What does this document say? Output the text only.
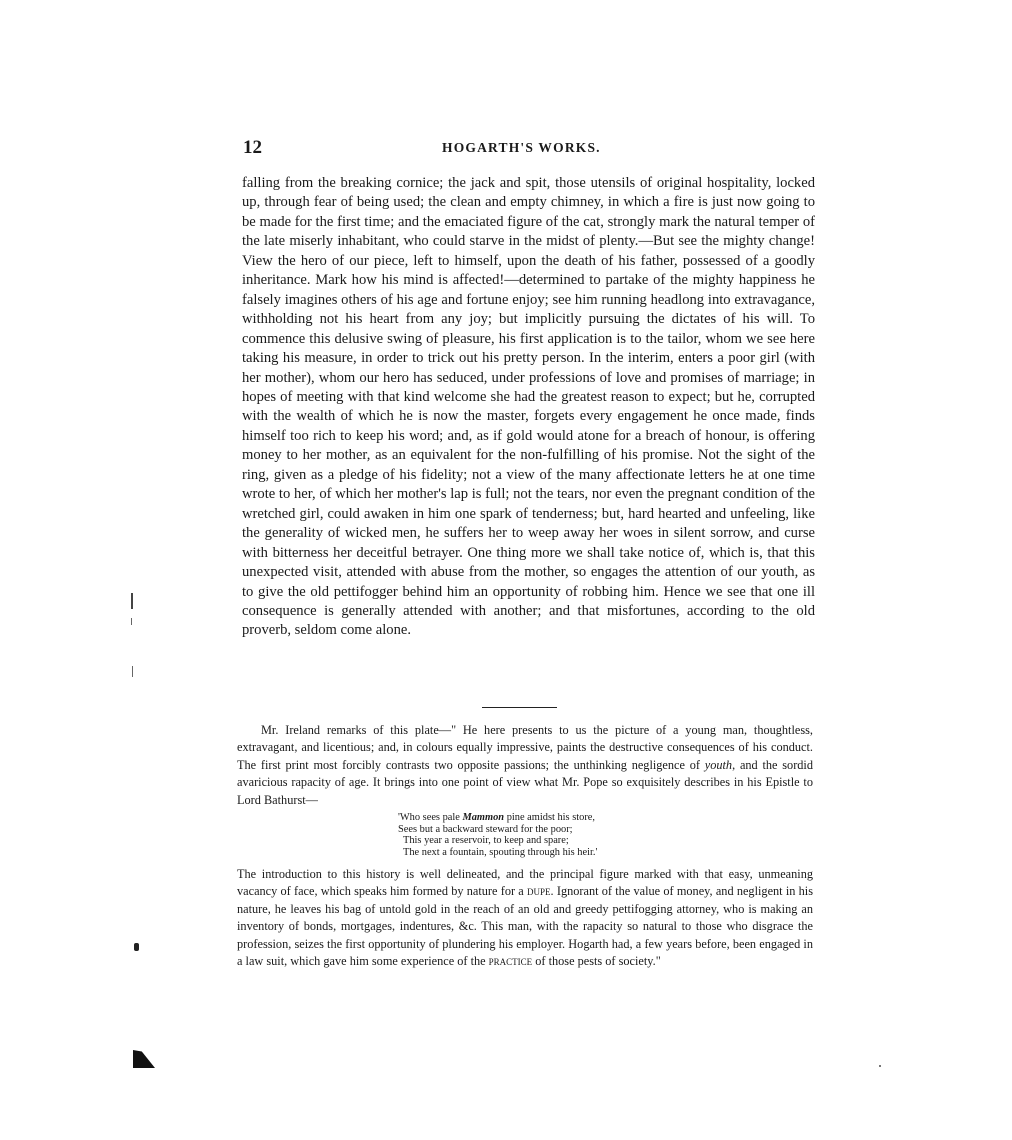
12	HOGARTH'S WORKS.

falling from the breaking cornice; the jack and spit, those utensils of original hospitality, locked up, through fear of being used; the clean and empty chimney, in which a fire is just now going to be made for the first time; and the emaciated figure of the cat, strongly mark the natural temper of the late miserly inhabitant, who could starve in the midst of plenty.—But see the mighty change! View the hero of our piece, left to himself, upon the death of his father, possessed of a goodly inheritance. Mark how his mind is affected!—determined to partake of the mighty happiness he falsely imagines others of his age and fortune enjoy; see him running headlong into extravagance, withholding not his heart from any joy; but implicitly pursuing the dictates of his will. To commence this delusive swing of pleasure, his first application is to the tailor, whom we see here taking his measure, in order to trick out his pretty person. In the interim, enters a poor girl (with her mother), whom our hero has seduced, under professions of love and promises of marriage; in hopes of meeting with that kind welcome she had the greatest reason to expect; but he, corrupted with the wealth of which he is now the master, forgets every engagement he once made, finds himself too rich to keep his word; and, as if gold would atone for a breach of honour, is offering money to her mother, as an equivalent for the non-fulfilling of his promise. Not the sight of the ring, given as a pledge of his fidelity; not a view of the many affectionate letters he at one time wrote to her, of which her mother's lap is full; not the tears, nor even the pregnant condition of the wretched girl, could awaken in him one spark of tenderness; but, hard hearted and unfeeling, like the generality of wicked men, he suffers her to weep away her woes in silent sorrow, and curse with bitterness her deceitful betrayer. One thing more we shall take notice of, which is, that this unexpected visit, attended with abuse from the mother, so engages the attention of our youth, as to give the old pettifogger behind him an opportunity of robbing him. Hence we see that one ill consequence is generally attended with another; and that misfortunes, according to the old proverb, seldom come alone.

Mr. Ireland remarks of this plate—" He here presents to us the picture of a young man, thoughtless, extravagant, and licentious; and, in colours equally impressive, paints the destructive consequences of his conduct. The first print most forcibly contrasts two opposite passions; the unthinking negligence of youth, and the sordid avaricious rapacity of age. It brings into one point of view what Mr. Pope so exquisitely describes in his Epistle to Lord Bathurst—

'Who sees pale Mammon pine amidst his store,
Sees but a backward steward for the poor;
This year a reservoir, to keep and spare;
The next a fountain, spouting through his heir.'

The introduction to this history is well delineated, and the principal figure marked with that easy, unmeaning vacancy of face, which speaks him formed by nature for a dupe. Ignorant of the value of money, and negligent in his nature, he leaves his bag of untold gold in the reach of an old and greedy pettifogging attorney, who is making an inventory of bonds, mortgages, indentures, &c. This man, with the rapacity so natural to those who disgrace the profession, seizes the first opportunity of plundering his employer. Hogarth had, a few years before, been engaged in a law suit, which gave him some experience of the practice of those pests of society."
